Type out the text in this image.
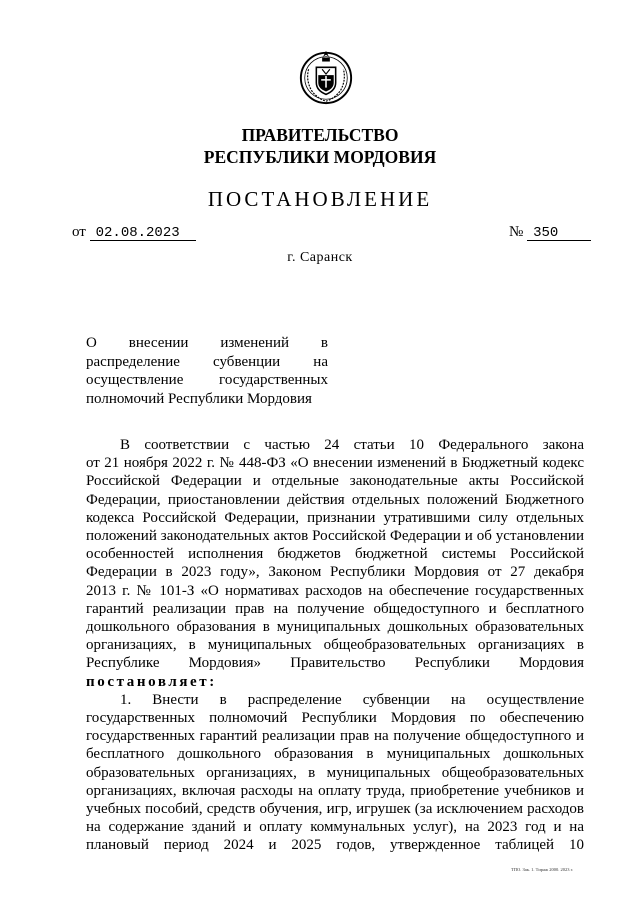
ПРАВИТЕЛЬСТВО
РЕСПУБЛИКИ МОРДОВИЯ
ПОСТАНОВЛЕНИЕ
от 02.08.2023	№ 350
г. Саранск
О внесении изменений в
распределение субвенции на
осуществление государственных
полномочий Республики Мордовия
В соответствии с частью 24 статьи 10 Федерального закона
от 21 ноября 2022 г. № 448-ФЗ «О внесении изменений в Бюджетный кодекс
Российской Федерации и отдельные законодательные акты Российской
Федерации, приостановлении действия отдельных положений Бюджетного
кодекса Российской Федерации, признании утратившими силу отдельных
положений законодательных актов Российской Федерации и об установлении
особенностей исполнения бюджетов бюджетной системы Российской
Федерации в 2023 году», Законом Республики Мордовия от 27 декабря
2013 г. № 101-З «О нормативах расходов на обеспечение государственных
гарантий реализации прав на получение общедоступного и бесплатного
дошкольного образования в муниципальных дошкольных образовательных
организациях, в муниципальных общеобразовательных организациях в
Республике Мордовия» Правительство Республики Мордовия
постановляет:
1. Внести в распределение субвенции на осуществление
государственных полномочий Республики Мордовия по обеспечению
государственных гарантий реализации прав на получение общедоступного и
бесплатного дошкольного образования в муниципальных дошкольных
образовательных организациях, в муниципальных общеобразовательных
организациях, включая расходы на оплату труда, приобретение учебников и
учебных пособий, средств обучения, игр, игрушек (за исключением расходов
на содержание зданий и оплату коммунальных услуг), на 2023 год и на
плановый период 2024 и 2025 годов, утвержденное таблицей 10
ТПО. Зак. 1. Тираж 2000. 2023 г.
